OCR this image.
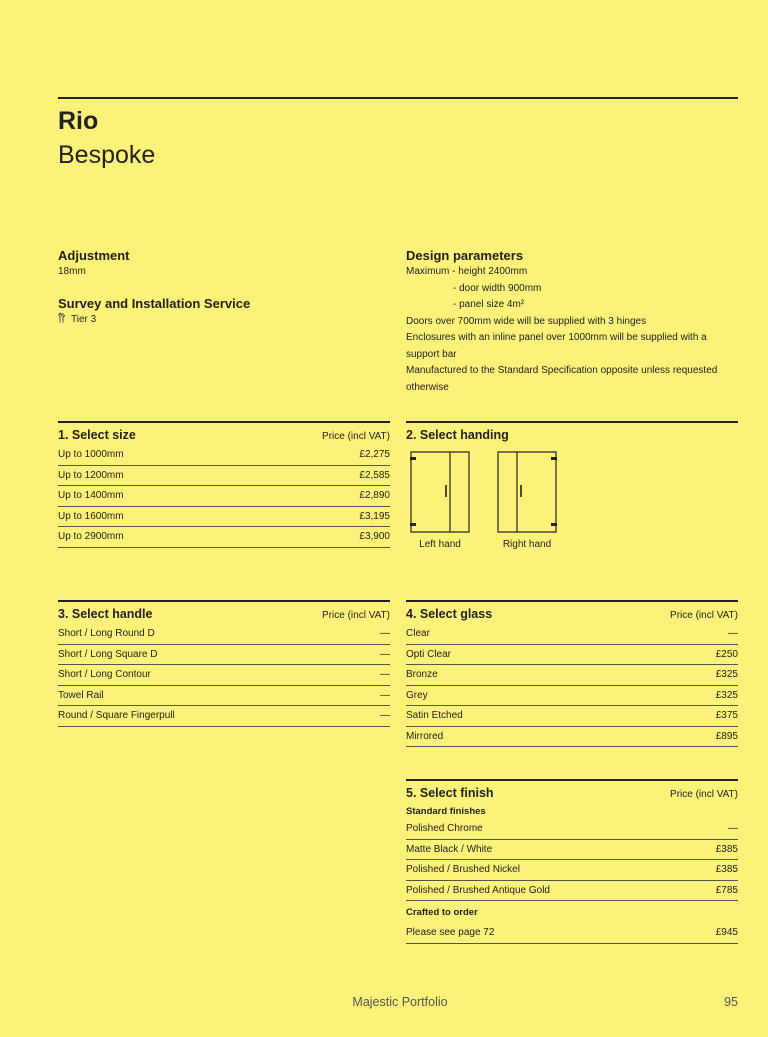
Rio
Bespoke
Adjustment
18mm
Survey and Installation Service
Tier 3
Design parameters
Maximum - height 2400mm
- door width 900mm
- panel size 4m²
Doors over 700mm wide will be supplied with 3 hinges
Enclosures with an inline panel over 1000mm will be supplied with a support bar
Manufactured to the Standard Specification opposite unless requested otherwise
1. Select size	Price (incl VAT)
Up to 1000mm	£2,275
Up to 1200mm	£2,585
Up to 1400mm	£2,890
Up to 1600mm	£3,195
Up to 2900mm	£3,900
2. Select handing
Left hand	Right hand
3. Select handle	Price (incl VAT)
Short / Long Round D	—
Short / Long Square D	—
Short / Long Contour	—
Towel Rail	—
Round / Square Fingerpull	—
4. Select glass	Price (incl VAT)
Clear	—
Opti Clear	£250
Bronze	£325
Grey	£325
Satin Etched	£375
Mirrored	£895
5. Select finish	Price (incl VAT)
Standard finishes
Polished Chrome	—
Matte Black / White	£385
Polished / Brushed Nickel	£385
Polished / Brushed Antique Gold	£785
Crafted to order
Please see page 72	£945
Majestic Portfolio	95
